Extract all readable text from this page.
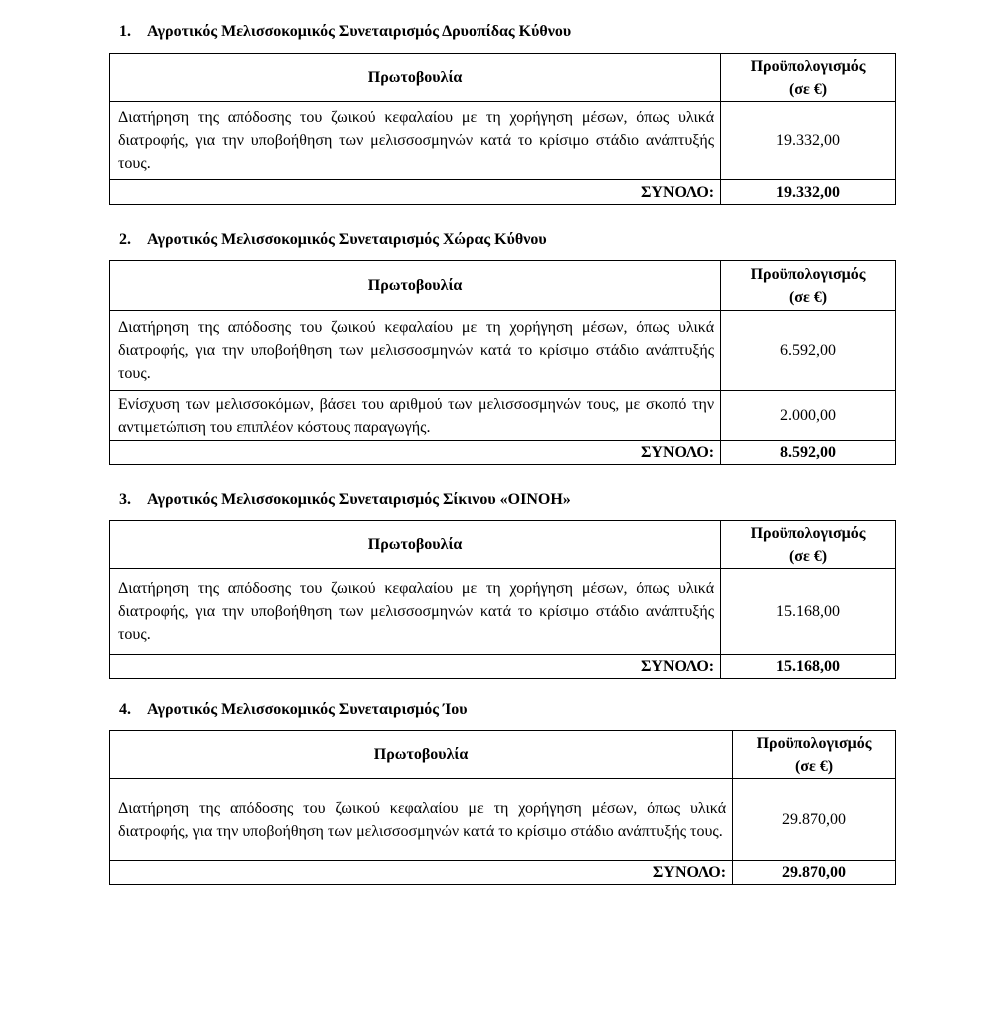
1. Αγροτικός Μελισσοκομικός Συνεταιρισμός Δρυοπίδας Κύθνου
Πρωτοβουλία	Προϋπολογισμός
(σε €)
Διατήρηση της απόδοσης του ζωικού κεφαλαίου με τη χορήγηση μέσων, όπως υλικά διατροφής, για την υποβοήθηση των μελισσοσμηνών κατά το κρίσιμο στάδιο ανάπτυξής τους.	19.332,00
ΣΥΝΟΛΟ:	19.332,00
2. Αγροτικός Μελισσοκομικός Συνεταιρισμός Χώρας Κύθνου
Πρωτοβουλία	Προϋπολογισμός
(σε €)
Διατήρηση της απόδοσης του ζωικού κεφαλαίου με τη χορήγηση μέσων, όπως υλικά διατροφής, για την υποβοήθηση των μελισσοσμηνών κατά το κρίσιμο στάδιο ανάπτυξής τους.	6.592,00
Ενίσχυση των μελισσοκόμων, βάσει του αριθμού των μελισσοσμηνών τους, με σκοπό την αντιμετώπιση του επιπλέον κόστους παραγωγής.	2.000,00
ΣΥΝΟΛΟ:	8.592,00
3. Αγροτικός Μελισσοκομικός Συνεταιρισμός Σίκινου «ΟΙΝΟΗ»
Πρωτοβουλία	Προϋπολογισμός
(σε €)
Διατήρηση της απόδοσης του ζωικού κεφαλαίου με τη χορήγηση μέσων, όπως υλικά διατροφής, για την υποβοήθηση των μελισσοσμηνών κατά το κρίσιμο στάδιο ανάπτυξής τους.	15.168,00
ΣΥΝΟΛΟ:	15.168,00
4. Αγροτικός Μελισσοκομικός Συνεταιρισμός Ίου
Πρωτοβουλία	Προϋπολογισμός
(σε €)
Διατήρηση της απόδοσης του ζωικού κεφαλαίου με τη χορήγηση μέσων, όπως υλικά διατροφής, για την υποβοήθηση των μελισσοσμηνών κατά το κρίσιμο στάδιο ανάπτυξής τους.	29.870,00
ΣΥΝΟΛΟ:	29.870,00
